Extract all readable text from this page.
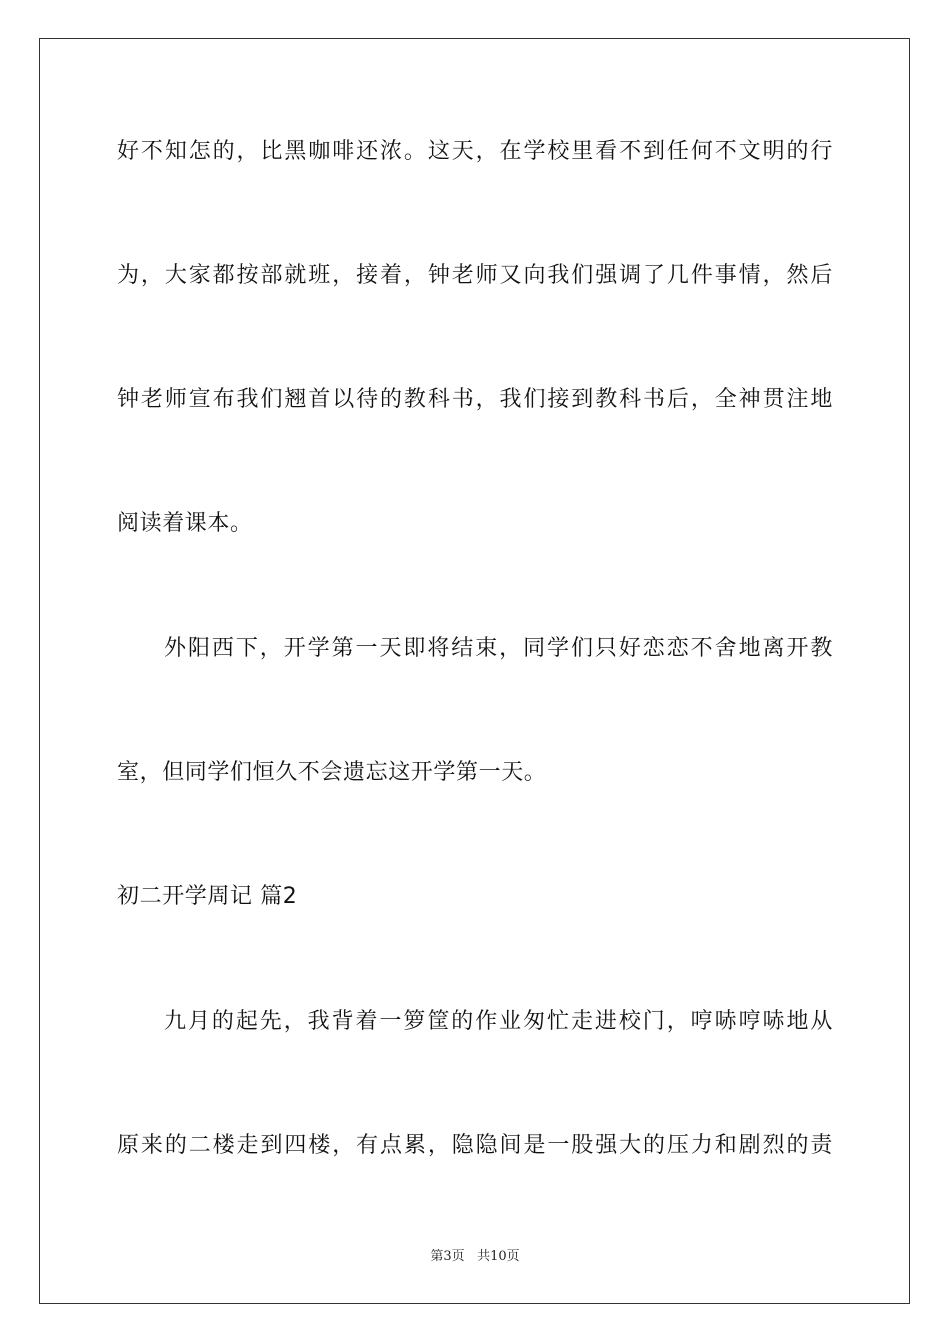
好不知怎的，比黑咖啡还浓。这天，在学校里看不到任何不文明的行
为，大家都按部就班，接着，钟老师又向我们强调了几件事情，然后
钟老师宣布我们翘首以待的教科书，我们接到教科书后，全神贯注地
阅读着课本。
外阳西下，开学第一天即将结束，同学们只好恋恋不舍地离开教
室，但同学们恒久不会遗忘这开学第一天。
初二开学周记 篇2
九月的起先，我背着一箩筐的作业匆忙走进校门，哼哧哼哧地从
原来的二楼走到四楼，有点累，隐隐间是一股强大的压力和剧烈的责
第3页 共10页
